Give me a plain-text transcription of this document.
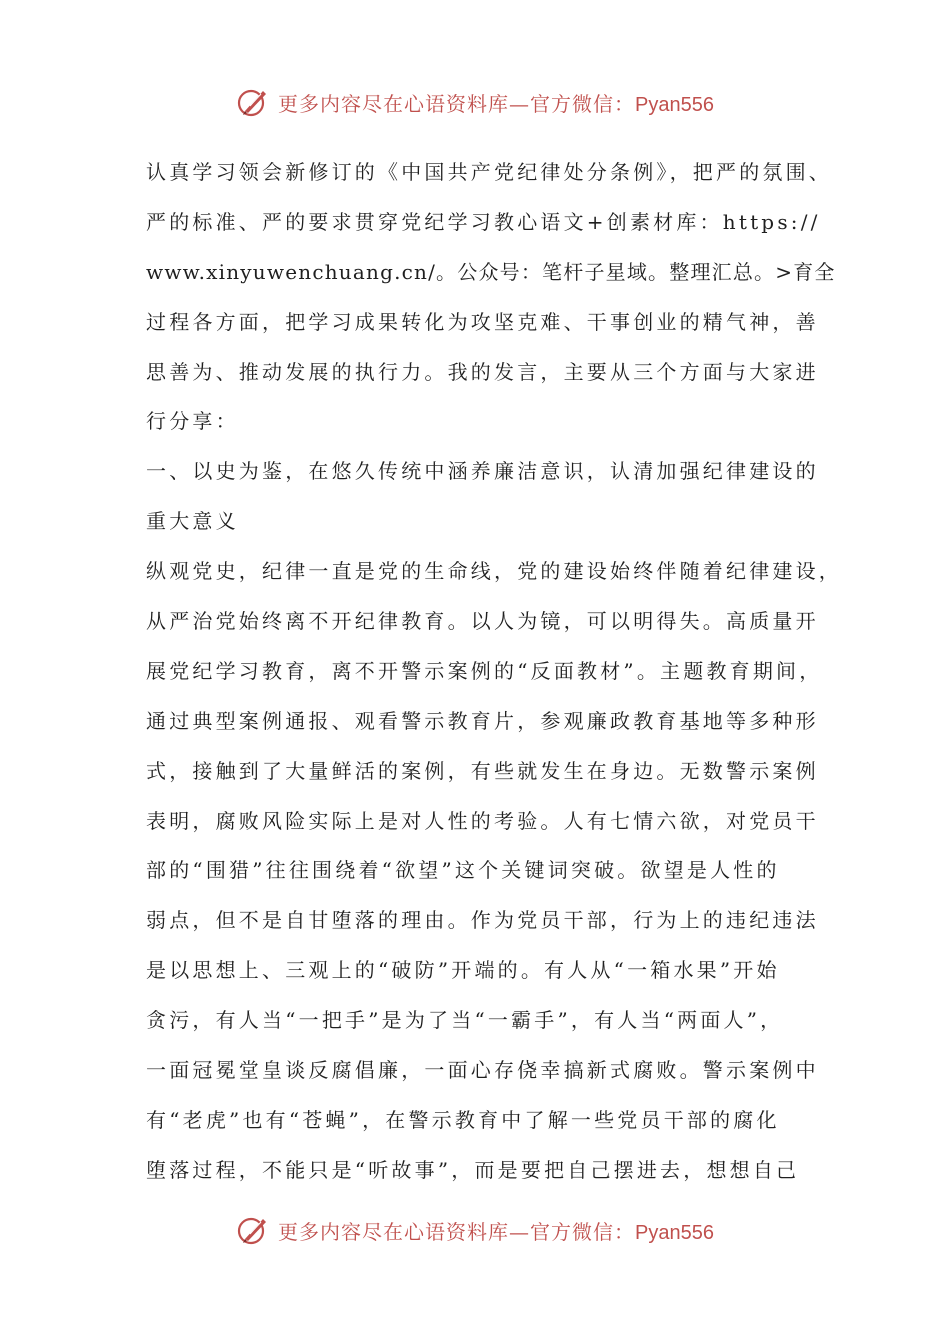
更多内容尽在心语资料库—官方微信：Pyan556
认真学习领会新修订的《中国共产党纪律处分条例》，把严的氛围、
严的标准、严的要求贯穿党纪学习教心语文+创素材库：https://
www.xinyuwenchuang.cn/。公众号：笔杆子星域。整理汇总。>育全
过程各方面，把学习成果转化为攻坚克难、干事创业的精气神，善
思善为、推动发展的执行力。我的发言，主要从三个方面与大家进
行分享：
一、以史为鉴，在悠久传统中涵养廉洁意识，认清加强纪律建设的
重大意义
纵观党史，纪律一直是党的生命线，党的建设始终伴随着纪律建设，
从严治党始终离不开纪律教育。以人为镜，可以明得失。高质量开
展党纪学习教育，离不开警示案例的“反面教材”。主题教育期间，
通过典型案例通报、观看警示教育片，参观廉政教育基地等多种形
式，接触到了大量鲜活的案例，有些就发生在身边。无数警示案例
表明，腐败风险实际上是对人性的考验。人有七情六欲，对党员干
部的“围猎”往往围绕着“欲望”这个关键词突破。欲望是人性的
弱点，但不是自甘堕落的理由。作为党员干部，行为上的违纪违法
是以思想上、三观上的“破防”开端的。有人从“一箱水果”开始
贪污，有人当“一把手”是为了当“一霸手”，有人当“两面人”，
一面冠冕堂皇谈反腐倡廉，一面心存侥幸搞新式腐败。警示案例中
有“老虎”也有“苍蝇”，在警示教育中了解一些党员干部的腐化
堕落过程，不能只是“听故事”，而是要把自己摆进去，想想自己
更多内容尽在心语资料库—官方微信：Pyan556
